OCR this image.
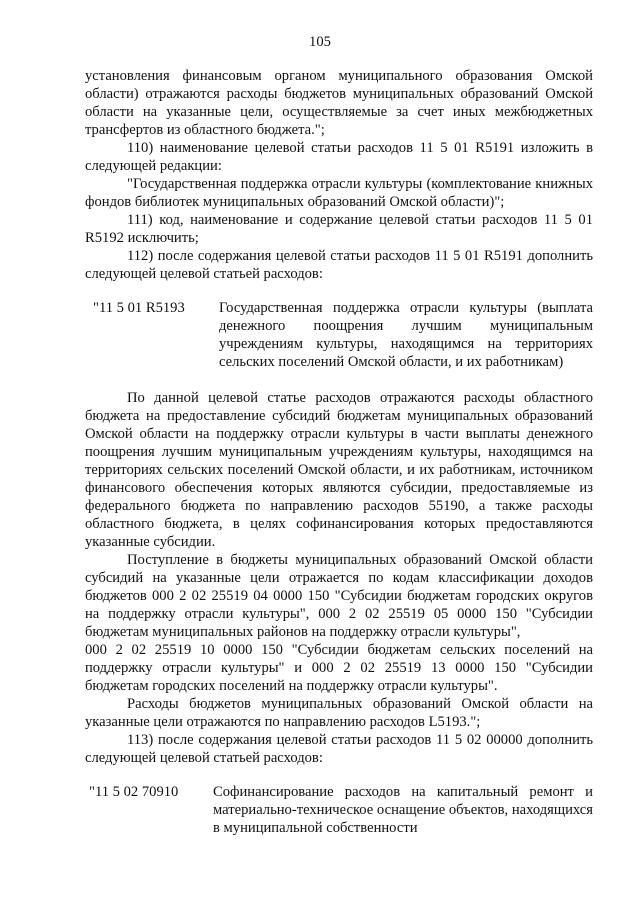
105

установления финансовым органом муниципального образования Омской области) отражаются расходы бюджетов муниципальных образований Омской области на указанные цели, осуществляемые за счет иных межбюджетных трансфертов из областного бюджета.";

110) наименование целевой статьи расходов 11 5 01 R5191 изложить в следующей редакции:

"Государственная поддержка отрасли культуры (комплектование книжных фондов библиотек муниципальных образований Омской области)";

111) код, наименование и содержание целевой статьи расходов 11 5 01 R5192 исключить;

112) после содержания целевой статьи расходов 11 5 01 R5191 дополнить следующей целевой статьей расходов:

"11 5 01 R5193	Государственная поддержка отрасли культуры (выплата денежного поощрения лучшим муниципальным учреждениям культуры, находящимся на территориях сельских поселений Омской области, и их работникам)

По данной целевой статье расходов отражаются расходы областного бюджета на предоставление субсидий бюджетам муниципальных образований Омской области на поддержку отрасли культуры в части выплаты денежного поощрения лучшим муниципальным учреждениям культуры, находящимся на территориях сельских поселений Омской области, и их работникам, источником финансового обеспечения которых являются субсидии, предоставляемые из федерального бюджета по направлению расходов 55190, а также расходы областного бюджета, в целях софинансирования которых предоставляются указанные субсидии.

Поступление в бюджеты муниципальных образований Омской области субсидий на указанные цели отражается по кодам классификации доходов бюджетов 000 2 02 25519 04 0000 150 "Субсидии бюджетам городских округов на поддержку отрасли культуры", 000 2 02 25519 05 0000 150 "Субсидии бюджетам муниципальных районов на поддержку отрасли культуры",

000 2 02 25519 10 0000 150 "Субсидии бюджетам сельских поселений на поддержку отрасли культуры" и 000 2 02 25519 13 0000 150 "Субсидии бюджетам городских поселений на поддержку отрасли культуры".

Расходы бюджетов муниципальных образований Омской области на указанные цели отражаются по направлению расходов L5193.";

113) после содержания целевой статьи расходов 11 5 02 00000 дополнить следующей целевой статьей расходов:

"11 5 02 70910	Софинансирование расходов на капитальный ремонт и материально-техническое оснащение объектов, находящихся в муниципальной собственности
